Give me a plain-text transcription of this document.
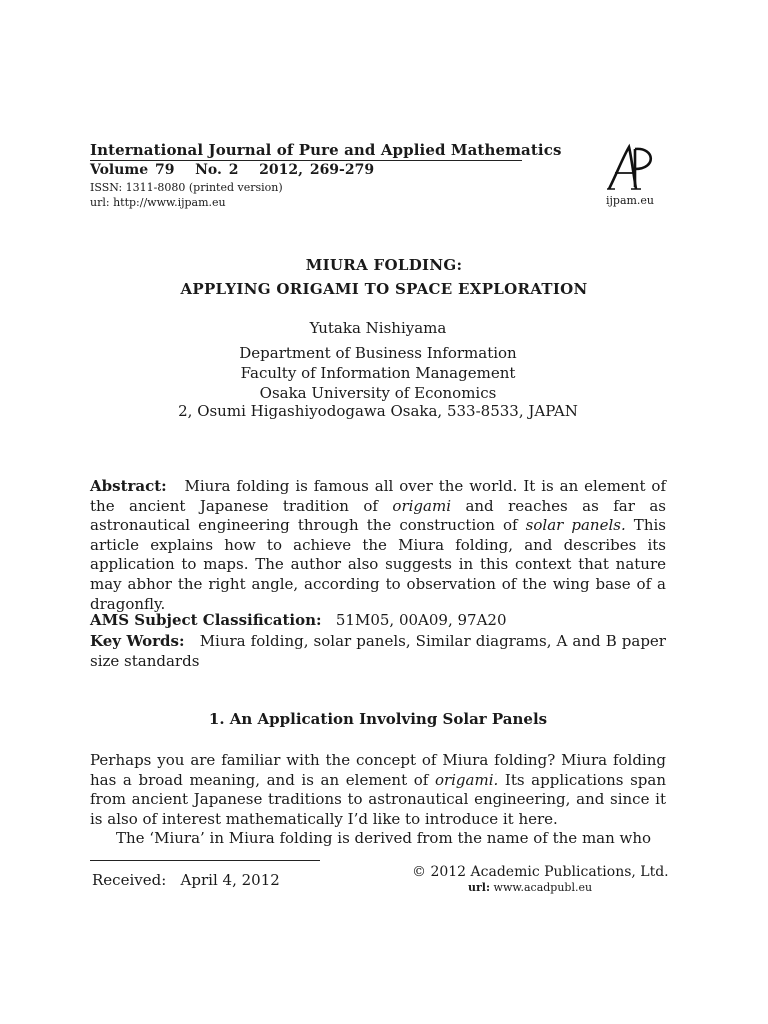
International Journal of Pure and Applied Mathematics
Volume 79   No. 2   2012, 269-279
ISSN: 1311-8080 (printed version)
url: http://www.ijpam.eu	ijpam.eu
MIURA FOLDING:
APPLYING ORIGAMI TO SPACE EXPLORATION
Yutaka Nishiyama
Department of Business Information
Faculty of Information Management
Osaka University of Economics
2, Osumi Higashiyodogawa Osaka, 533-8533, JAPAN
Abstract: Miura folding is famous all over the world. It is an element of the ancient Japanese tradition of origami and reaches as far as astronautical engineering through the construction of solar panels. This article explains how to achieve the Miura folding, and describes its application to maps. The author also suggests in this context that nature may abhor the right angle, according to observation of the wing base of a dragonfly.
AMS Subject Classification: 51M05, 00A09, 97A20
Key Words: Miura folding, solar panels, Similar diagrams, A and B paper size standards
1. An Application Involving Solar Panels
Perhaps you are familiar with the concept of Miura folding? Miura folding has a broad meaning, and is an element of origami. Its applications span from ancient Japanese traditions to astronautical engineering, and since it is also of interest mathematically I’d like to introduce it here.
The ‘Miura’ in Miura folding is derived from the name of the man who
Received:   April 4, 2012	© 2012 Academic Publications, Ltd.
url: www.acadpubl.eu
